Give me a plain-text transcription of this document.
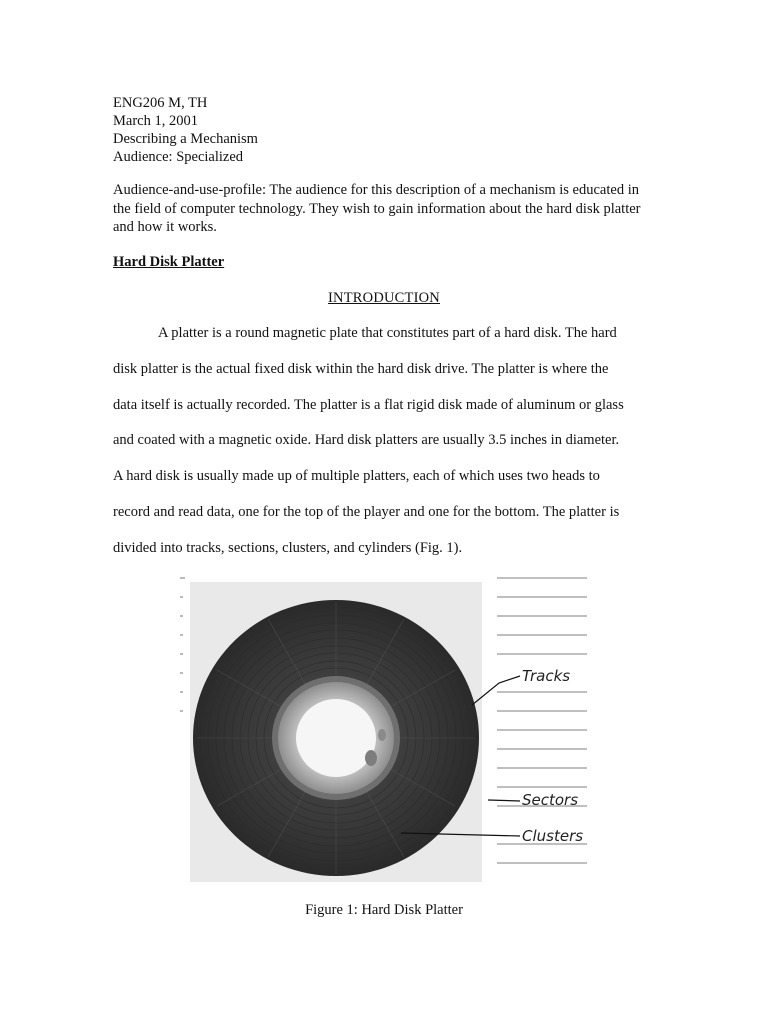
ENG206 M, TH
March 1, 2001
Describing a Mechanism
Audience: Specialized
Audience-and-use-profile: The audience for this description of a mechanism is educated in the field of computer technology. They wish to gain information about the hard disk platter and how it works.
Hard Disk Platter
INTRODUCTION
A platter is a round magnetic plate that constitutes part of a hard disk. The hard
disk platter is the actual fixed disk within the hard disk drive. The platter is where the
data itself is actually recorded. The platter is a flat rigid disk made of aluminum or glass
and coated with a magnetic oxide. Hard disk platters are usually 3.5 inches in diameter.
A hard disk is usually made up of multiple platters, each of which uses two heads to
record and read data, one for the top of the player and one for the bottom. The platter is
divided into tracks, sections, clusters, and cylinders (Fig. 1).
Tracks
Sectors
Clusters
Figure 1: Hard Disk Platter
